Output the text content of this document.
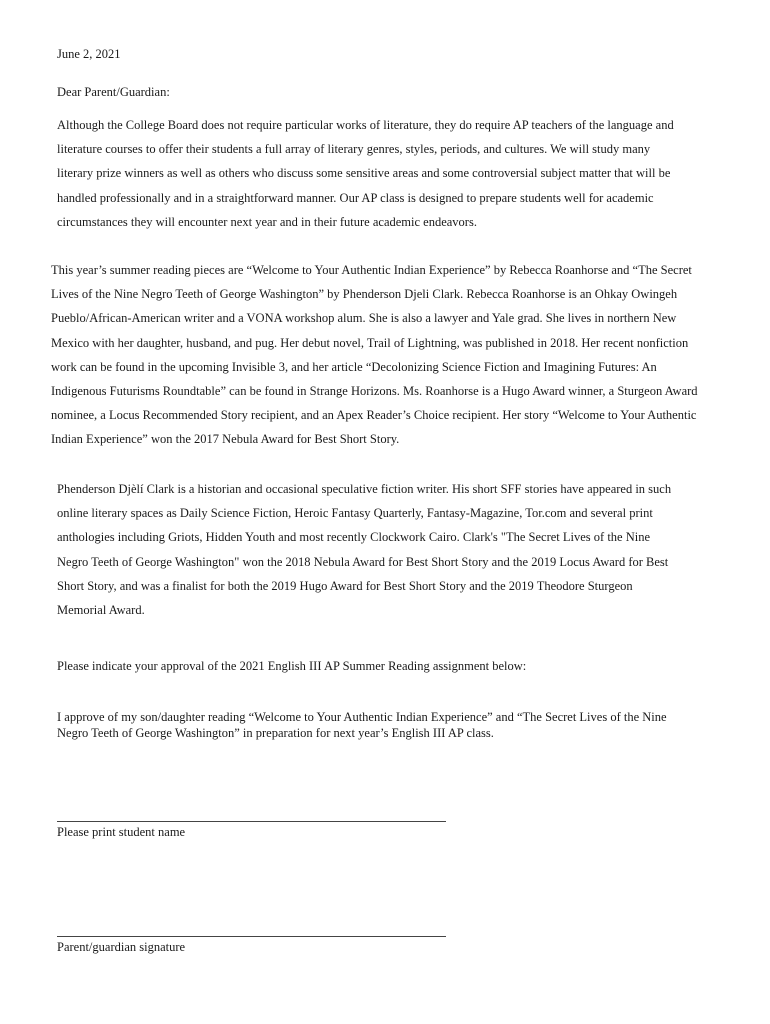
June 2, 2021
Dear Parent/Guardian:
Although the College Board does not require particular works of literature, they do require AP teachers of the language and
literature courses to offer their students a full array of literary genres, styles, periods, and cultures. We will study many
literary prize winners as well as others who discuss some sensitive areas and some controversial subject matter that will be
handled professionally and in a straightforward manner. Our AP class is designed to prepare students well for academic
circumstances they will encounter next year and in their future academic endeavors.
This year’s summer reading pieces are “Welcome to Your Authentic Indian Experience” by Rebecca Roanhorse and “The Secret
Lives of the Nine Negro Teeth of George Washington” by Phenderson Djeli Clark. Rebecca Roanhorse is an Ohkay Owingeh
Pueblo/African-American writer and a VONA workshop alum. She is also a lawyer and Yale grad. She lives in northern New
Mexico with her daughter, husband, and pug. Her debut novel, Trail of Lightning, was published in 2018. Her recent nonfiction
work can be found in the upcoming Invisible 3, and her article “Decolonizing Science Fiction and Imagining Futures: An
Indigenous Futurisms Roundtable” can be found in Strange Horizons. Ms. Roanhorse is a Hugo Award winner, a Sturgeon Award
nominee, a Locus Recommended Story recipient, and an Apex Reader’s Choice recipient. Her story “Welcome to Your Authentic
Indian Experience” won the 2017 Nebula Award for Best Short Story.
Phenderson Djèlí Clark is a historian and occasional speculative fiction writer. His short SFF stories have appeared in such
online literary spaces as Daily Science Fiction, Heroic Fantasy Quarterly, Fantasy-Magazine, Tor.com and several print
anthologies including Griots, Hidden Youth and most recently Clockwork Cairo. Clark's "The Secret Lives of the Nine
Negro Teeth of George Washington" won the 2018 Nebula Award for Best Short Story and the 2019 Locus Award for Best
Short Story, and was a finalist for both the 2019 Hugo Award for Best Short Story and the 2019 Theodore Sturgeon
Memorial Award.
Please indicate your approval of the 2021 English III AP Summer Reading assignment below:
I approve of my son/daughter reading “Welcome to Your Authentic Indian Experience” and “The Secret Lives of the Nine
Negro Teeth of George Washington” in preparation for next year’s English III AP class.
Please print student name
Parent/guardian signature
